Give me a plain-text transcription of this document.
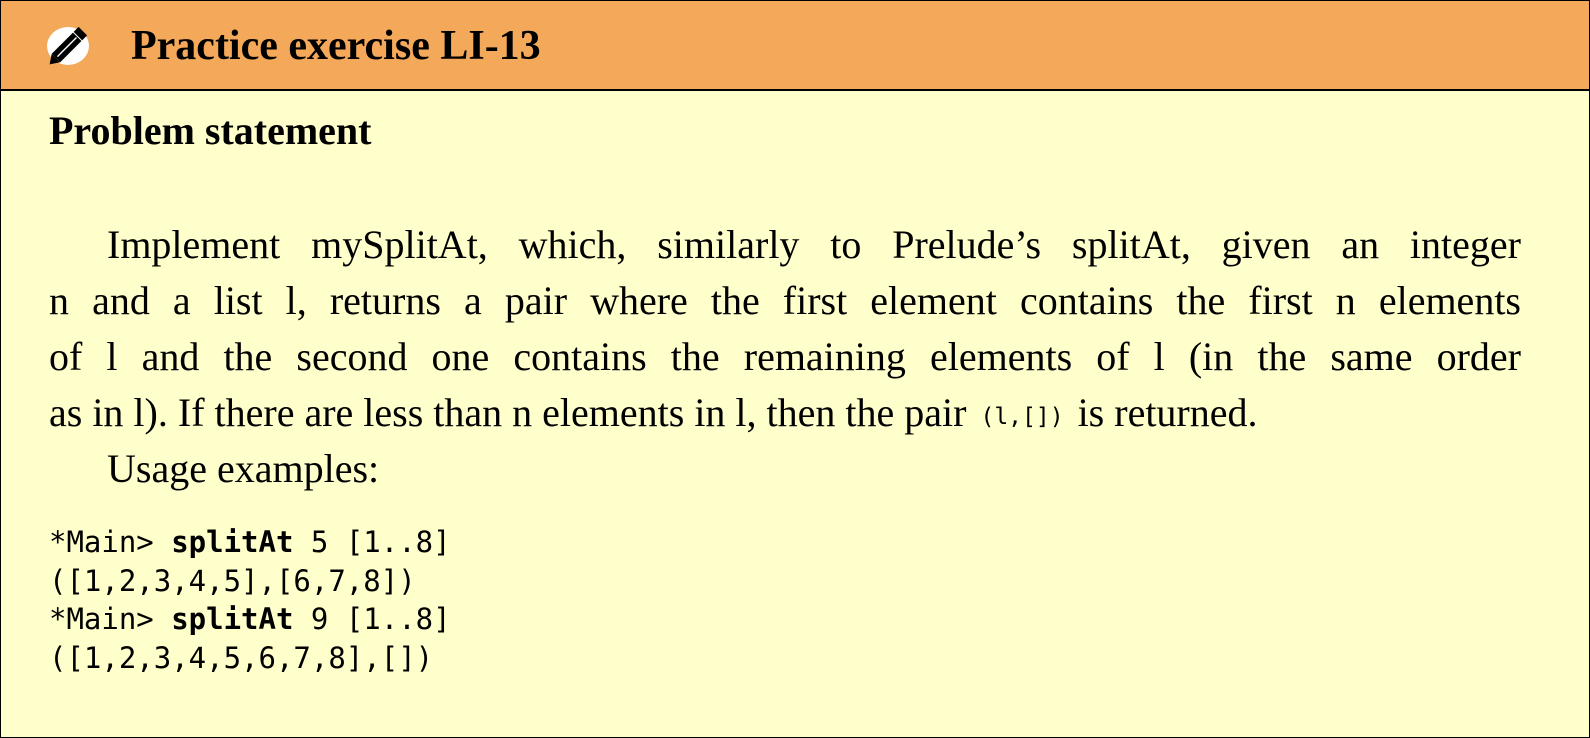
Practice exercise LI-13
Problem statement

Implement mySplitAt, which, similarly to Prelude’s splitAt, given an integer

n and a list l, returns a pair where the first element contains the first n elements

of l and the second one contains the remaining elements of l (in the same order

as in l). If there are less than n elements in l, then the pair (l,[]) is returned.

Usage examples:

*Main> splitAt 5 [1..8]
([1,2,3,4,5],[6,7,8])
*Main> splitAt 9 [1..8]
([1,2,3,4,5,6,7,8],[])
